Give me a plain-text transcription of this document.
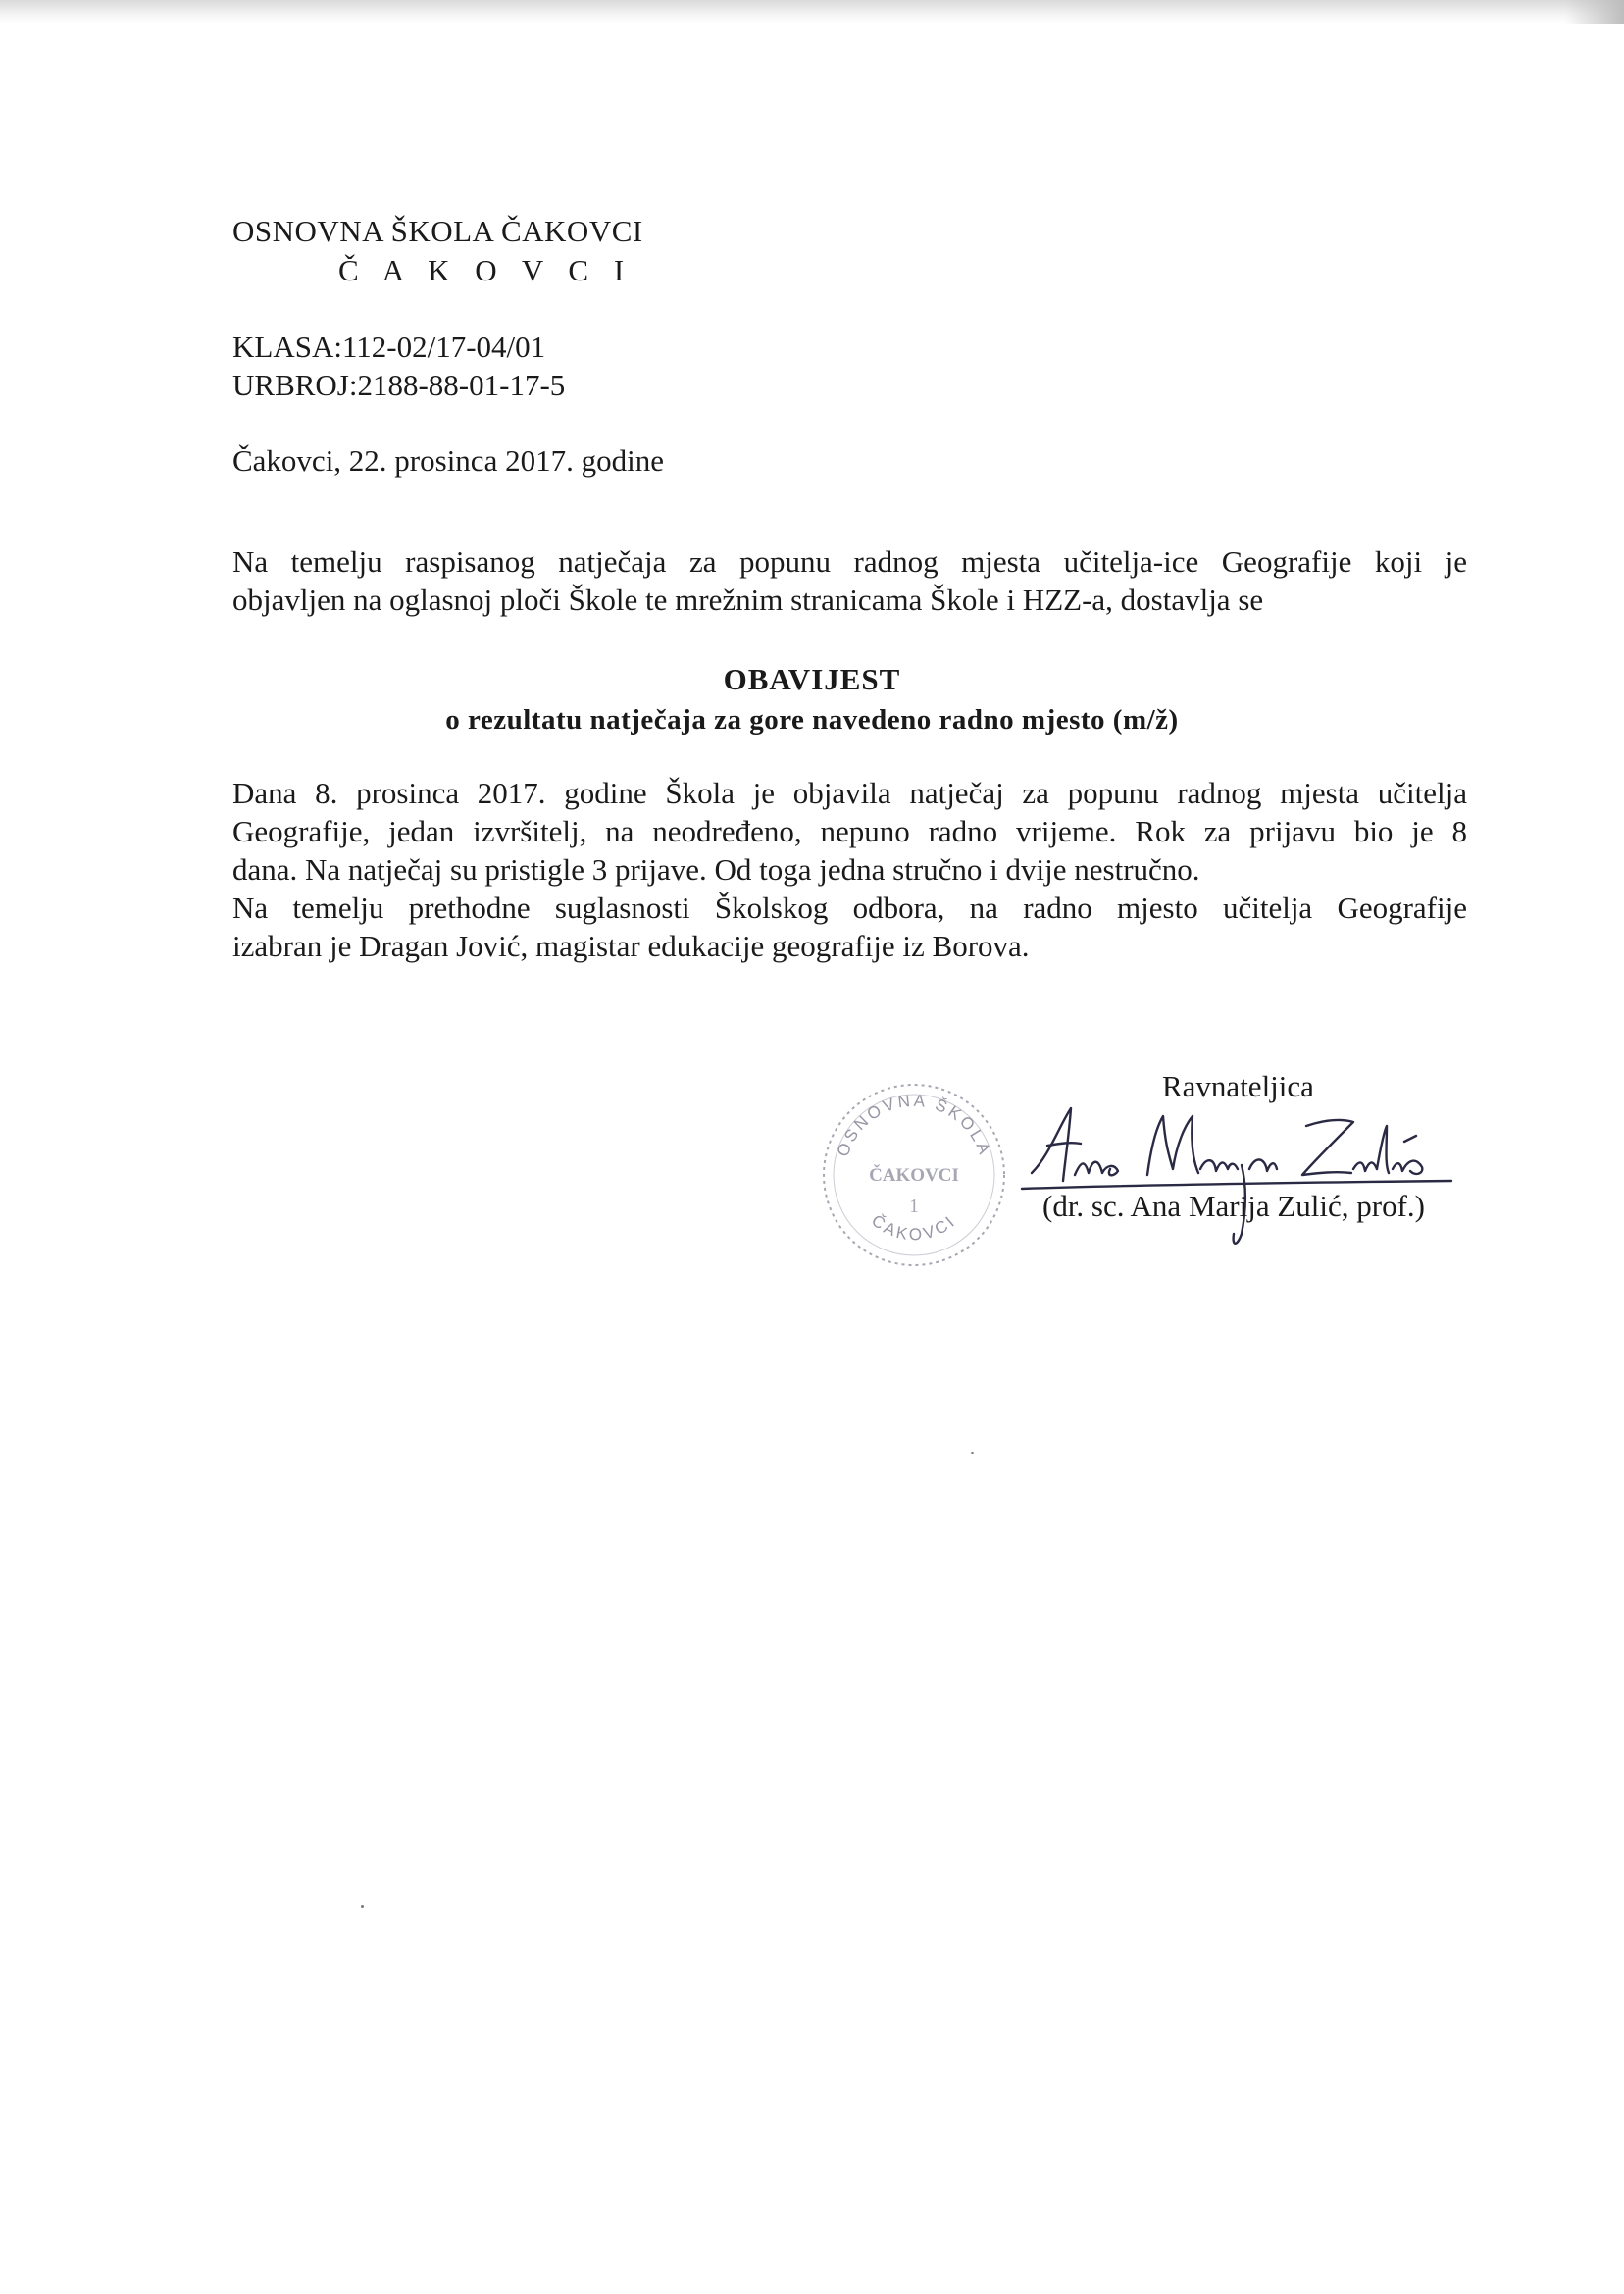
OSNOVNA ŠKOLA ČAKOVCI
Č A K O V C I
KLASA:112-02/17-04/01
URBROJ:2188-88-01-17-5
Čakovci, 22. prosinca 2017. godine
Na temelju raspisanog natječaja za popunu radnog mjesta učitelja-ice Geografije koji je
objavljen na oglasnoj ploči Škole te mrežnim stranicama Škole i HZZ-a, dostavlja se
OBAVIJEST
o rezultatu natječaja za gore navedeno radno mjesto (m/ž)
Dana 8. prosinca 2017. godine Škola je objavila natječaj za popunu radnog mjesta učitelja
Geografije, jedan izvršitelj, na neodređeno, nepuno radno vrijeme. Rok za prijavu bio je 8
dana. Na natječaj su pristigle 3 prijave. Od toga jedna stručno i dvije nestručno.
Na temelju prethodne suglasnosti Školskog odbora, na radno mjesto učitelja Geografije
izabran je Dragan Jović, magistar edukacije geografije iz Borova.
OSNOVNA ŠKOLA
ČAKOVCI
ČAKOVCI
1
Ravnateljica
(dr. sc. Ana Marija Zulić, prof.)
